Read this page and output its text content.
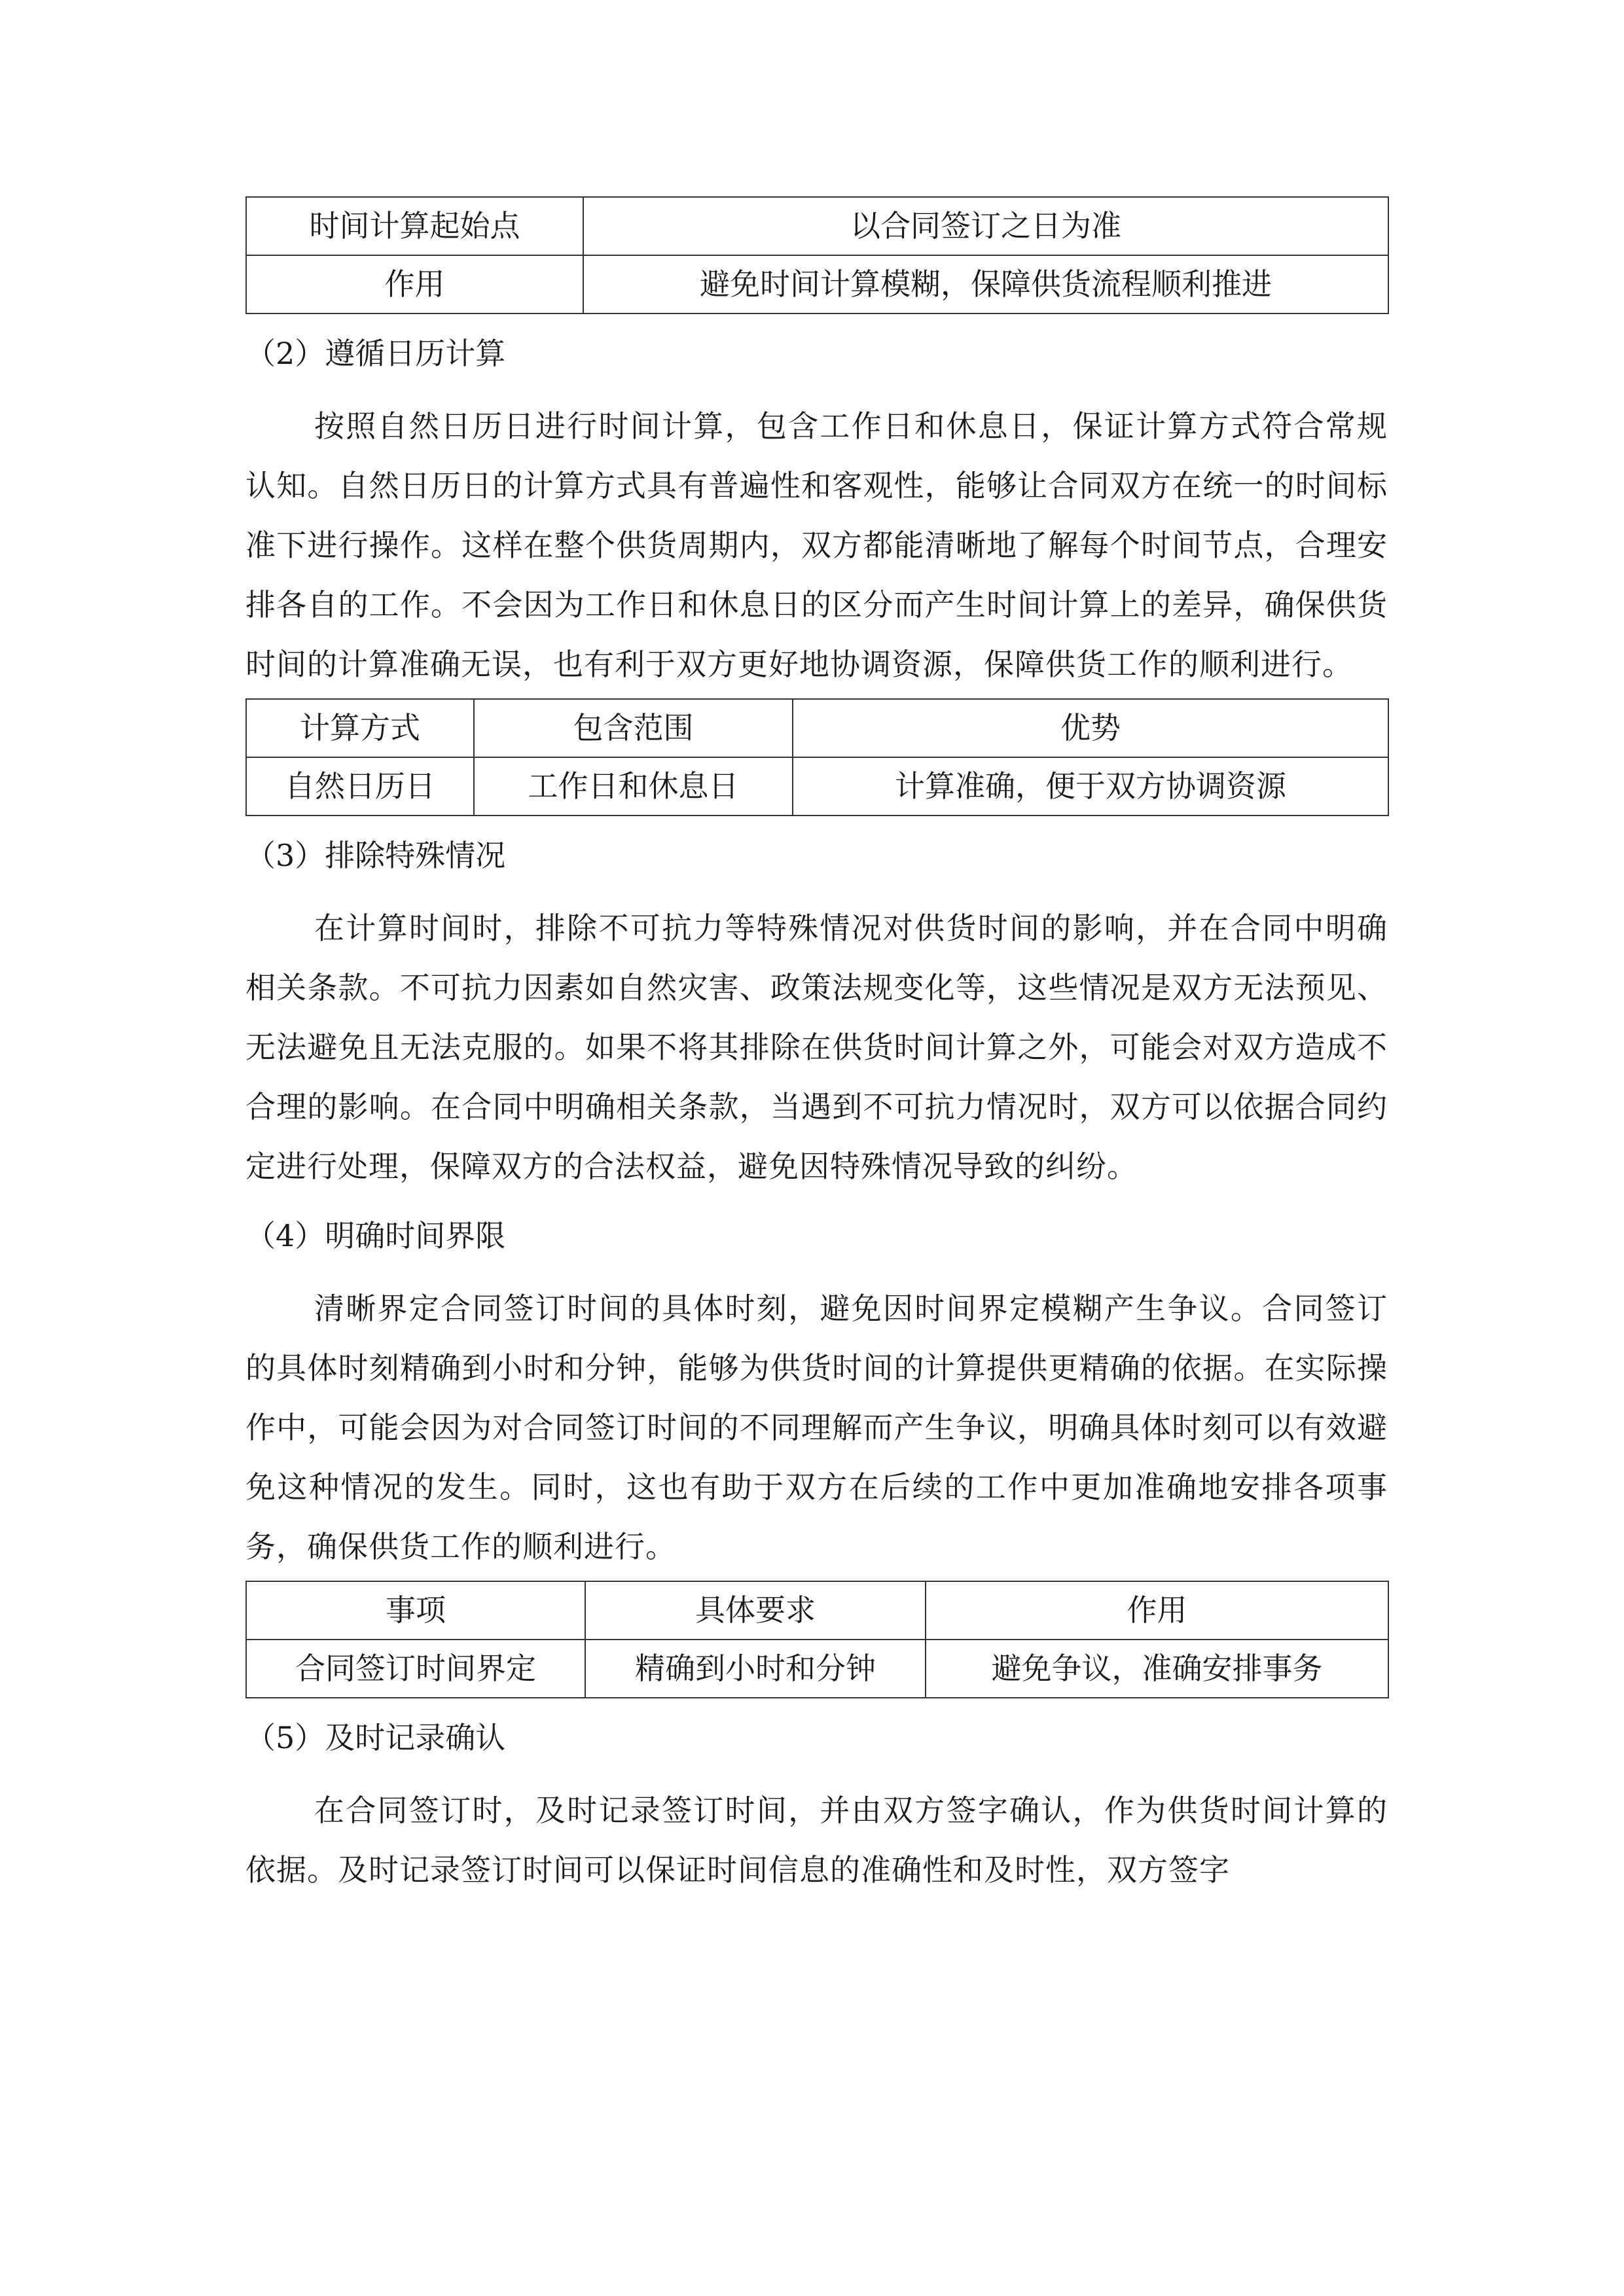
时间计算起始点	以合同签订之日为准
作用	避免时间计算模糊，保障供货流程顺利推进
（2）遵循日历计算

按照自然日历日进行时间计算，包含工作日和休息日，保证计算方式符合常规认知。自然日历日的计算方式具有普遍性和客观性，能够让合同双方在统一的时间标准下进行操作。这样在整个供货周期内，双方都能清晰地了解每个时间节点，合理安排各自的工作。不会因为工作日和休息日的区分而产生时间计算上的差异，确保供货时间的计算准确无误，也有利于双方更好地协调资源，保障供货工作的顺利进行。

计算方式	包含范围	优势
自然日历日	工作日和休息日	计算准确，便于双方协调资源
（3）排除特殊情况

在计算时间时，排除不可抗力等特殊情况对供货时间的影响，并在合同中明确相关条款。不可抗力因素如自然灾害、政策法规变化等，这些情况是双方无法预见、无法避免且无法克服的。如果不将其排除在供货时间计算之外，可能会对双方造成不合理的影响。在合同中明确相关条款，当遇到不可抗力情况时，双方可以依据合同约定进行处理，保障双方的合法权益，避免因特殊情况导致的纠纷。

（4）明确时间界限

清晰界定合同签订时间的具体时刻，避免因时间界定模糊产生争议。合同签订的具体时刻精确到小时和分钟，能够为供货时间的计算提供更精确的依据。在实际操作中，可能会因为对合同签订时间的不同理解而产生争议，明确具体时刻可以有效避免这种情况的发生。同时，这也有助于双方在后续的工作中更加准确地安排各项事务，确保供货工作的顺利进行。

事项	具体要求	作用
合同签订时间界定	精确到小时和分钟	避免争议，准确安排事务
（5）及时记录确认

在合同签订时，及时记录签订时间，并由双方签字确认，作为供货时间计算的依据。及时记录签订时间可以保证时间信息的准确性和及时性，双方签字
